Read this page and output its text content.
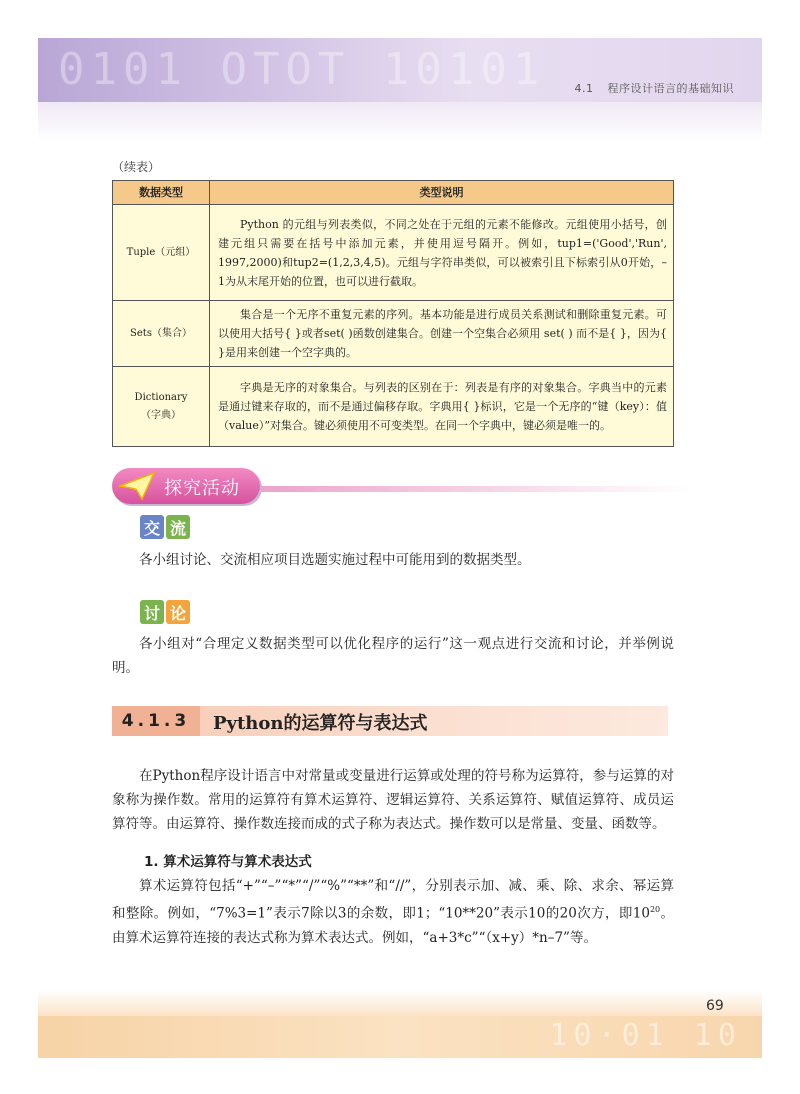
0101 OTOT 10101	4.1 程序设计语言的基础知识
（续表）
数据类型	类型说明
Tuple（元组）	Python 的元组与列表类似，不同之处在于元组的元素不能修改。元组使用小括号，创建元组只需要在括号中添加元素，并使用逗号隔开。例如，tup1=('Good','Run', 1997,2000)和tup2=(1,2,3,4,5)。元组与字符串类似，可以被索引且下标索引从0开始，–1为从末尾开始的位置，也可以进行截取。
Sets（集合）	集合是一个无序不重复元素的序列。基本功能是进行成员关系测试和删除重复元素。可以使用大括号{ }或者set( )函数创建集合。创建一个空集合必须用 set( ) 而不是{ }，因为{ }是用来创建一个空字典的。

Dictionary
（字典）	字典是无序的对象集合。与列表的区别在于：列表是有序的对象集合。字典当中的元素是通过键来存取的，而不是通过偏移存取。字典用{ }标识，它是一个无序的“键（key）：值（value）”对集合。键必须使用不可变类型。在同一个字典中，键必须是唯一的。
探究活动
交 流

各小组讨论、交流相应项目选题实施过程中可能用到的数据类型。

讨 论

各小组对“合理定义数据类型可以优化程序的运行”这一观点进行交流和讨论，并举例说明。

4.1.3	Python的运算符与表达式

在Python程序设计语言中对常量或变量进行运算或处理的符号称为运算符，参与运算的对象称为操作数。常用的运算符有算术运算符、逻辑运算符、关系运算符、赋值运算符、成员运算符等。由运算符、操作数连接而成的式子称为表达式。操作数可以是常量、变量、函数等。

1. 算术运算符与算术表达式

算术运算符包括“+”“–”“*”“/”“%”“**”和“//”，分别表示加、减、乘、除、求余、幂运算和整除。例如，“7%3=1”表示7除以3的余数，即1；“10**20”表示10的20次方，即$10^{20}$。由算术运算符连接的表达式称为算术表达式。例如，“a+3*c”“（x+y）*n–7”等。

10·01 10
69
